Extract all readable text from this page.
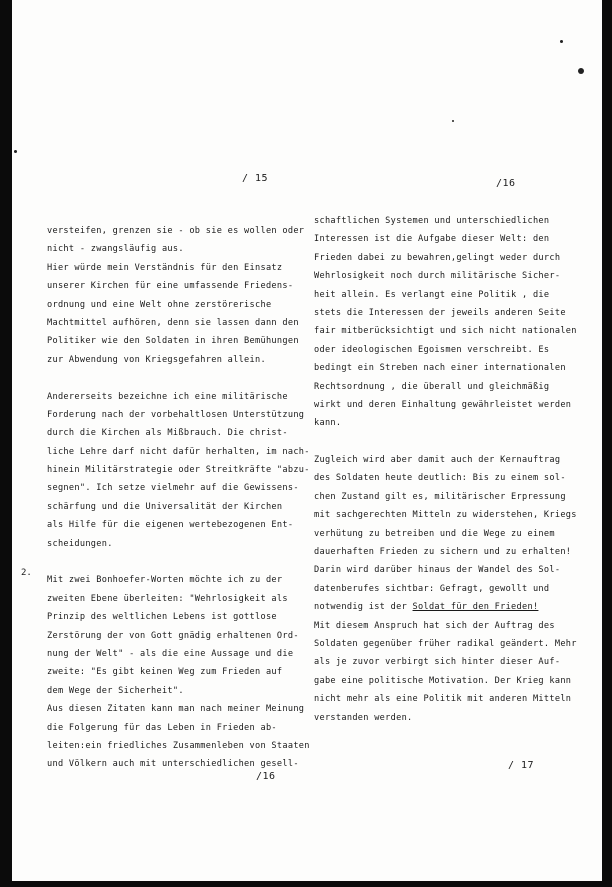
/ 15	/16
2.
versteifen, grenzen sie - ob sie es wollen oder
nicht - zwangsläufig aus.
Hier würde mein Verständnis für den Einsatz
unserer Kirchen für eine umfassende Friedens-
ordnung und eine Welt ohne zerstörerische
Machtmittel aufhören, denn sie lassen dann den
Politiker wie den Soldaten in ihren Bemühungen
zur Abwendung von Kriegsgefahren allein.
Andererseits bezeichne ich eine militärische
Forderung nach der vorbehaltlosen Unterstützung
durch die Kirchen als Mißbrauch. Die christ-
liche Lehre darf nicht dafür herhalten, im nach-
hinein Militärstrategie oder Streitkräfte "abzu-
segnen". Ich setze vielmehr auf die Gewissens-
schärfung und die Universalität der Kirchen
als Hilfe für die eigenen wertebezogenen Ent-
scheidungen.
Mit zwei Bonhoefer-Worten möchte ich zu der
zweiten Ebene überleiten: "Wehrlosigkeit als
Prinzip des weltlichen Lebens ist gottlose
Zerstörung der von Gott gnädig erhaltenen Ord-
nung der Welt" - als die eine Aussage und die
zweite: "Es gibt keinen Weg zum Frieden auf
dem Wege der Sicherheit".
Aus diesen Zitaten kann man nach meiner Meinung
die Folgerung für das Leben in Frieden ab-
leiten:ein friedliches Zusammenleben von Staaten
und Völkern auch mit unterschiedlichen gesell-
/16
schaftlichen Systemen und unterschiedlichen
Interessen ist die Aufgabe dieser Welt: den
Frieden dabei zu bewahren,gelingt weder durch
Wehrlosigkeit noch durch militärische Sicher-
heit allein. Es verlangt eine Politik , die
stets die Interessen der jeweils anderen Seite
fair mitberücksichtigt und sich nicht nationalen
oder ideologischen Egoismen verschreibt. Es
bedingt ein Streben nach einer internationalen
Rechtsordnung , die überall und gleichmäßig
wirkt und deren Einhaltung gewährleistet werden
kann.
Zugleich wird aber damit auch der Kernauftrag
des Soldaten heute deutlich: Bis zu einem sol-
chen Zustand gilt es, militärischer Erpressung
mit sachgerechten Mitteln zu widerstehen, Kriegs
verhütung zu betreiben und die Wege zu einem
dauerhaften Frieden zu sichern und zu erhalten!
Darin wird darüber hinaus der Wandel des Sol-
datenberufes sichtbar: Gefragt, gewollt und
notwendig ist der Soldat für den Frieden!
Mit diesem Anspruch hat sich der Auftrag des
Soldaten gegenüber früher radikal geändert. Mehr
als je zuvor verbirgt sich hinter dieser Auf-
gabe eine politische Motivation. Der Krieg kann
nicht mehr als eine Politik mit anderen Mitteln
verstanden werden.
/ 17
